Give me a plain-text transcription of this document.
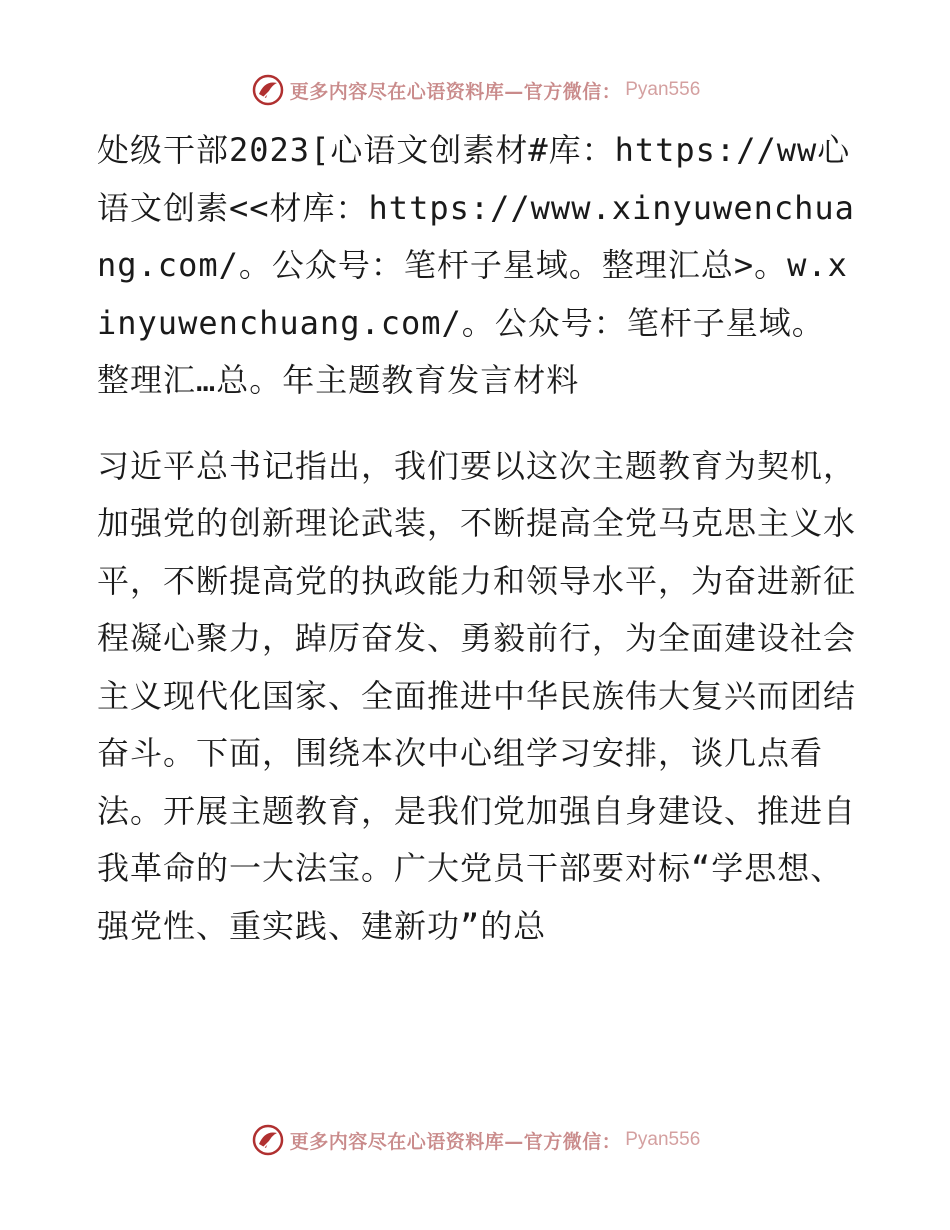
更多内容尽在心语资料库—官方微信： Pyan556

处级干部2023[心语文创素材#库：https://ww心语文创素<<材库：https://www.xinyuwenchuang.com/。公众号：笔杆子星域。整理汇总>。w.xinyuwenchuang.com/。公众号：笔杆子星域。整理汇…总。年主题教育发言材料

习近平总书记指出，我们要以这次主题教育为契机，加强党的创新理论武装，不断提高全党马克思主义水平，不断提高党的执政能力和领导水平，为奋进新征程凝心聚力，踔厉奋发、勇毅前行，为全面建设社会主义现代化国家、全面推进中华民族伟大复兴而团结奋斗。下面，围绕本次中心组学习安排，谈几点看法。开展主题教育，是我们党加强自身建设、推进自我革命的一大法宝。广大党员干部要对标“学思想、强党性、重实践、建新功”的总

更多内容尽在心语资料库—官方微信： Pyan556
